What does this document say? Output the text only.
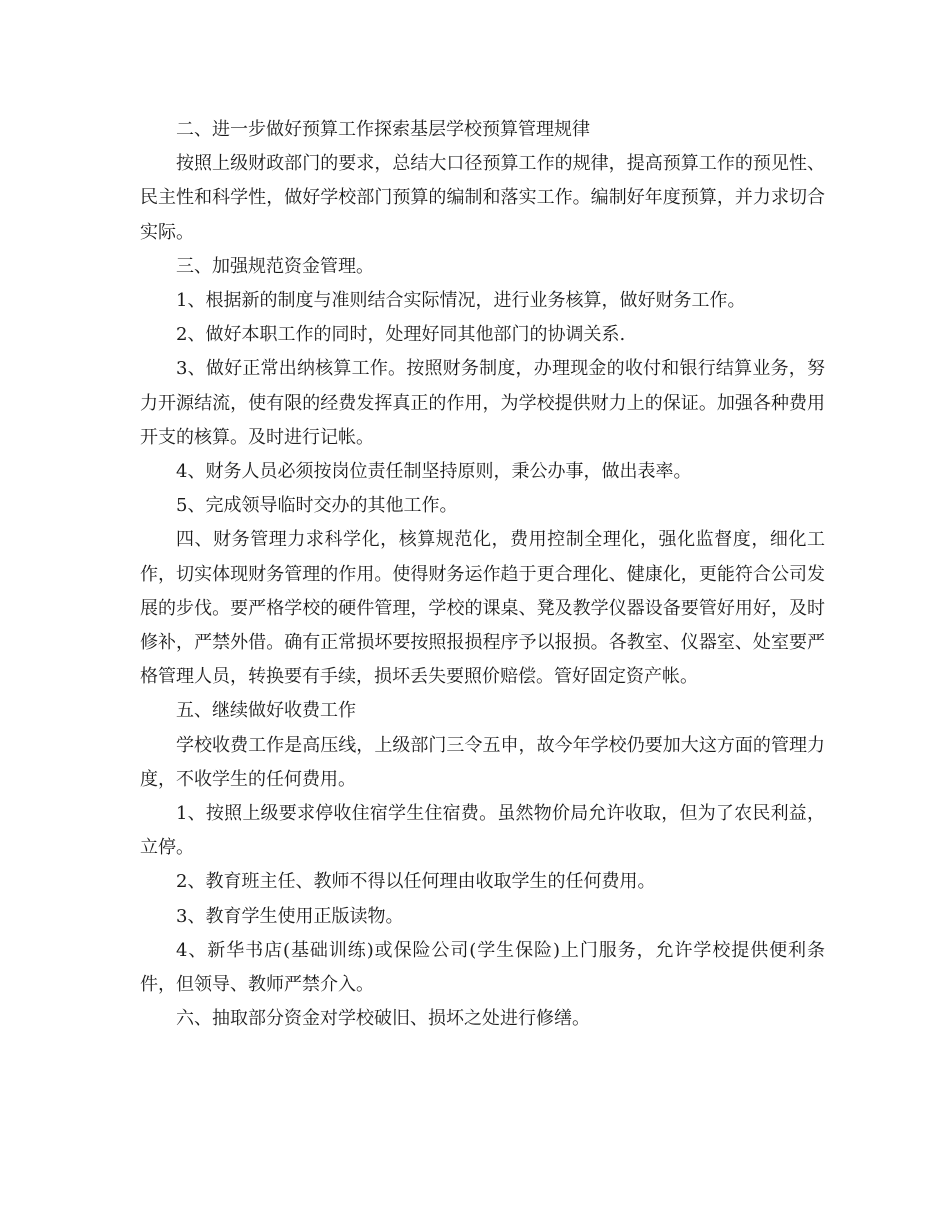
二、进一步做好预算工作探索基层学校预算管理规律

按照上级财政部门的要求，总结大口径预算工作的规律，提高预算工作的预见性、民主性和科学性，做好学校部门预算的编制和落实工作。编制好年度预算，并力求切合实际。

三、加强规范资金管理。

1、根据新的制度与准则结合实际情况，进行业务核算，做好财务工作。

2、做好本职工作的同时，处理好同其他部门的协调关系.

3、做好正常出纳核算工作。按照财务制度，办理现金的收付和银行结算业务，努力开源结流，使有限的经费发挥真正的作用，为学校提供财力上的保证。加强各种费用开支的核算。及时进行记帐。

4、财务人员必须按岗位责任制坚持原则，秉公办事，做出表率。

5、完成领导临时交办的其他工作。

四、财务管理力求科学化，核算规范化，费用控制全理化，强化监督度，细化工作，切实体现财务管理的作用。使得财务运作趋于更合理化、健康化，更能符合公司发展的步伐。要严格学校的硬件管理，学校的课桌、凳及教学仪器设备要管好用好，及时修补，严禁外借。确有正常损坏要按照报损程序予以报损。各教室、仪器室、处室要严格管理人员，转换要有手续，损坏丢失要照价赔偿。管好固定资产帐。

五、继续做好收费工作

学校收费工作是高压线，上级部门三令五申，故今年学校仍要加大这方面的管理力度，不收学生的任何费用。

1、按照上级要求停收住宿学生住宿费。虽然物价局允许收取，但为了农民利益，立停。

2、教育班主任、教师不得以任何理由收取学生的任何费用。

3、教育学生使用正版读物。

4、新华书店(基础训练)或保险公司(学生保险)上门服务，允许学校提供便利条件，但领导、教师严禁介入。

六、抽取部分资金对学校破旧、损坏之处进行修缮。
